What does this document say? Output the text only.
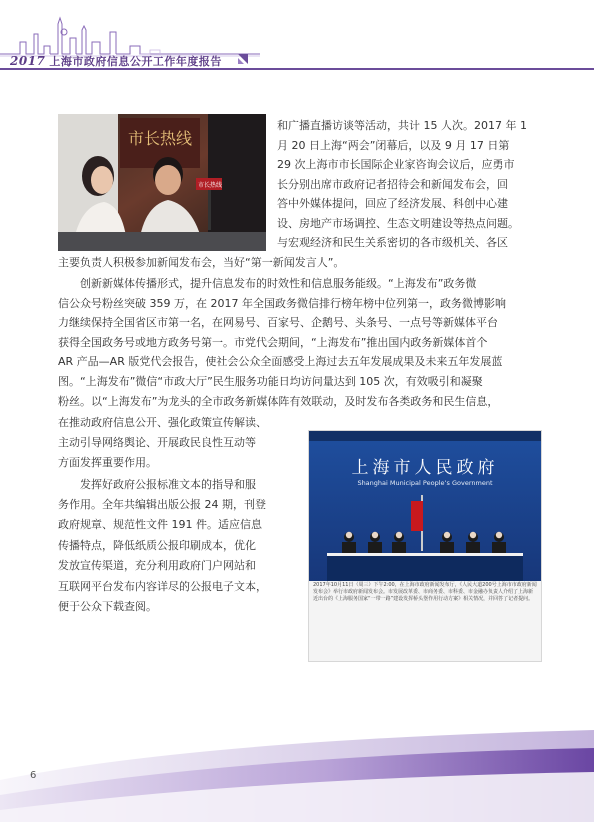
2017 上海市政府信息公开工作年度报告
市长热线
市长热线
上海市人民政府
Shanghai Municipal People’s Government
2017年10月11日（周三）下午2:00，在上海市政府新闻发布厅，《人民大道200号上海市市政府新闻发布会》举行市政府新闻发布会。市发展改革委、市商务委、市科委、市金融办负责人介绍了上海新近出台的《上海服务国家“一带一路”建设发挥桥头堡作用行动方案》相关情况，并回答了记者提问。
和广播直播访谈等活动，共计 15 人次。2017 年 1
月 20 日上海“两会”闭幕后，以及 9 月 17 日第
29 次上海市市长国际企业家咨询会议后，应勇市
长分别出席市政府记者招待会和新闻发布会，回
答中外媒体提问，回应了经济发展、科创中心建
设、房地产市场调控、生态文明建设等热点问题。
与宏观经济和民生关系密切的各市级机关、各区
主要负责人积极参加新闻发布会，当好“第一新闻发言人”。
创新新媒体传播形式，提升信息发布的时效性和信息服务能级。“上海发布”政务微
信公众号粉丝突破 359 万，在 2017 年全国政务微信排行榜年榜中位列第一，政务微博影响
力继续保持全国省区市第一名，在网易号、百家号、企鹅号、头条号、一点号等新媒体平台
获得全国政务号或地方政务号第一。市党代会期间，“上海发布”推出国内政务新媒体首个
AR 产品—AR 版党代会报告，使社会公众全面感受上海过去五年发展成果及未来五年发展蓝
图。“上海发布”微信“市政大厅”民生服务功能日均访问量达到 105 次，有效吸引和凝聚
粉丝。以“上海发布”为龙头的全市政务新媒体阵有效联动，及时发布各类政务和民生信息，
在推动政府信息公开、强化政策宣传解读、
主动引导网络舆论、开展政民良性互动等
方面发挥重要作用。
发挥好政府公报标准文本的指导和服
务作用。全年共编辑出版公报 24 期，刊登
政府规章、规范性文件 191 件。适应信息
传播特点，降低纸质公报印刷成本，优化
发放宣传渠道，充分利用政府门户网站和
互联网平台发布内容详尽的公报电子文本，
便于公众下载查阅。
6
